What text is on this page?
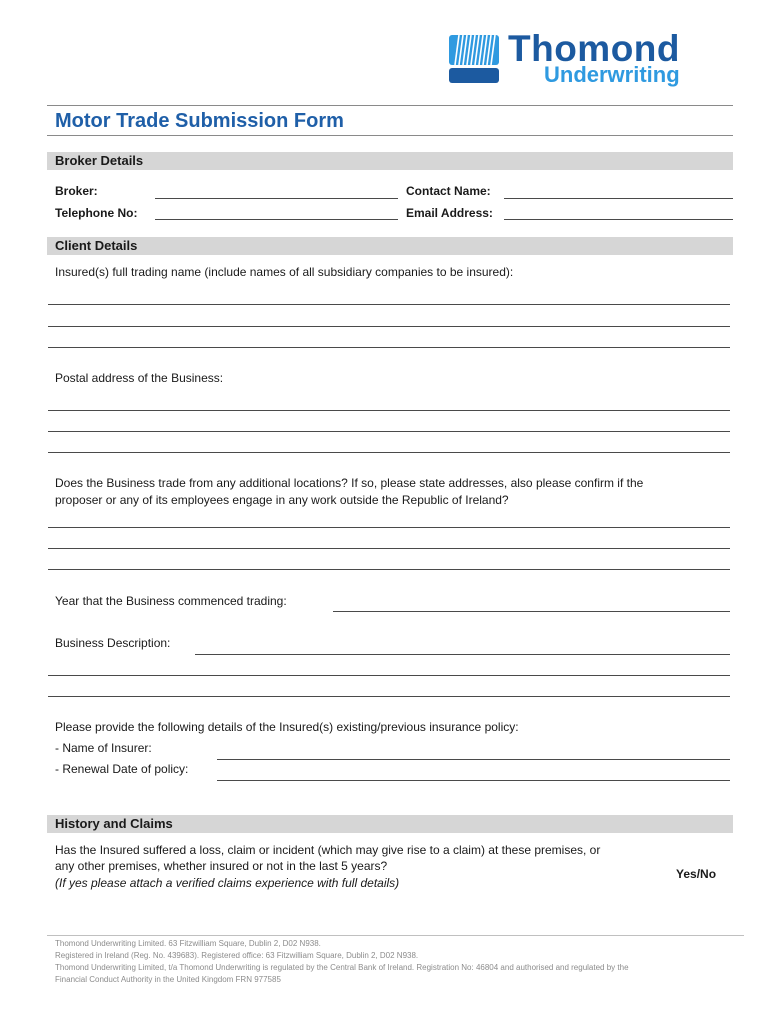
Thomond
Underwriting
Motor Trade Submission Form
Broker Details
Broker:	Contact Name:
Telephone No:	Email Address:
Client Details
Insured(s) full trading name (include names of all subsidiary companies to be insured):
Postal address of the Business:
Does the Business trade from any additional locations? If so, please state addresses, also please confirm if the
proposer or any of its employees engage in any work outside the Republic of Ireland?
Year that the Business commenced trading:
Business Description:
Please provide the following details of the Insured(s) existing/previous insurance policy:
- Name of Insurer:
- Renewal Date of policy:
History and Claims
Has the Insured suffered a loss, claim or incident (which may give rise to a claim) at these premises, or
any other premises, whether insured or not in the last 5 years?
(If yes please attach a verified claims experience with full details)
Yes/No
Thomond Underwriting Limited. 63 Fitzwilliam Square, Dublin 2, D02 N938.
Registered in Ireland (Reg. No. 439683). Registered office: 63 Fitzwilliam Square, Dublin 2, D02 N938.
Thomond Underwriting Limited, t/a Thomond Underwriting is regulated by the Central Bank of Ireland. Registration No: 46804 and authorised and regulated by the
Financial Conduct Authority in the United Kingdom FRN 977585
